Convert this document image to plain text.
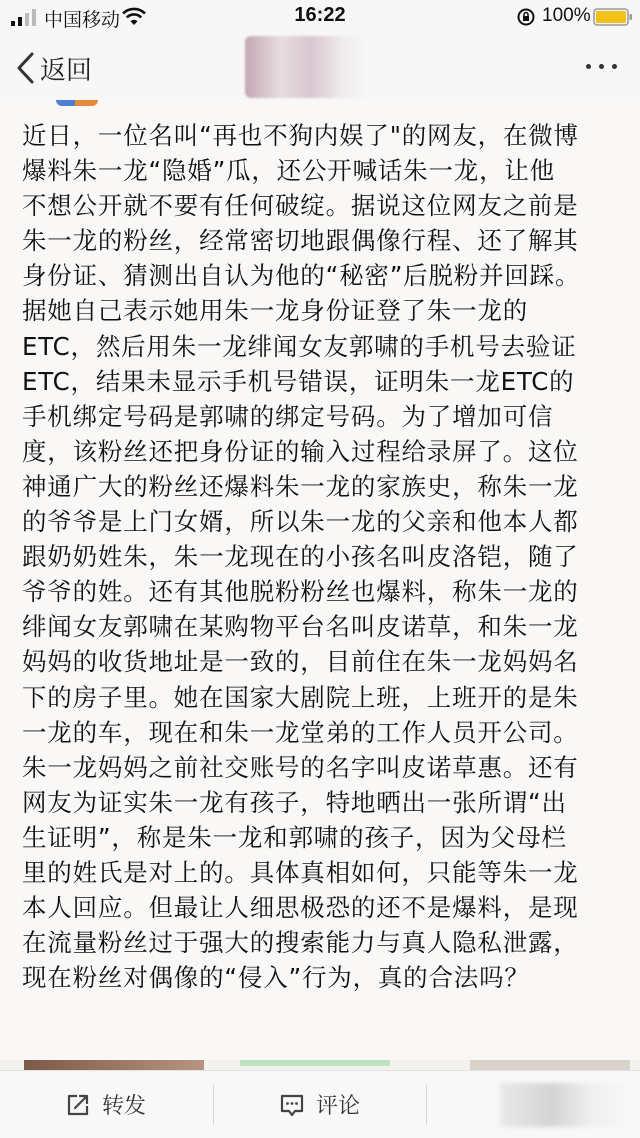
中国移动	16:22	100%
返回

近日，一位名叫“再也不狗内娱了"的网友，在微博
爆料朱一龙“隐婚”瓜，还公开喊话朱一龙，让他
不想公开就不要有任何破绽。据说这位网友之前是
朱一龙的粉丝，经常密切地跟偶像行程、还了解其
身份证、猜测出自认为他的“秘密”后脱粉并回踩。
据她自己表示她用朱一龙身份证登了朱一龙的
ETC，然后用朱一龙绯闻女友郭啸的手机号去验证
ETC，结果未显示手机号错误，证明朱一龙ETC的
手机绑定号码是郭啸的绑定号码。为了增加可信
度，该粉丝还把身份证的输入过程给录屏了。这位
神通广大的粉丝还爆料朱一龙的家族史，称朱一龙
的爷爷是上门女婿，所以朱一龙的父亲和他本人都
跟奶奶姓朱，朱一龙现在的小孩名叫皮洛铠，随了
爷爷的姓。还有其他脱粉粉丝也爆料，称朱一龙的
绯闻女友郭啸在某购物平台名叫皮诺草，和朱一龙
妈妈的收货地址是一致的，目前住在朱一龙妈妈名
下的房子里。她在国家大剧院上班，上班开的是朱
一龙的车，现在和朱一龙堂弟的工作人员开公司。
朱一龙妈妈之前社交账号的名字叫皮诺草惠。还有
网友为证实朱一龙有孩子，特地晒出一张所谓“出
生证明”，称是朱一龙和郭啸的孩子，因为父母栏
里的姓氏是对上的。具体真相如何，只能等朱一龙
本人回应。但最让人细思极恐的还不是爆料，是现
在流量粉丝过于强大的搜索能力与真人隐私泄露，
现在粉丝对偶像的“侵入”行为，真的合法吗？

转发	评论
